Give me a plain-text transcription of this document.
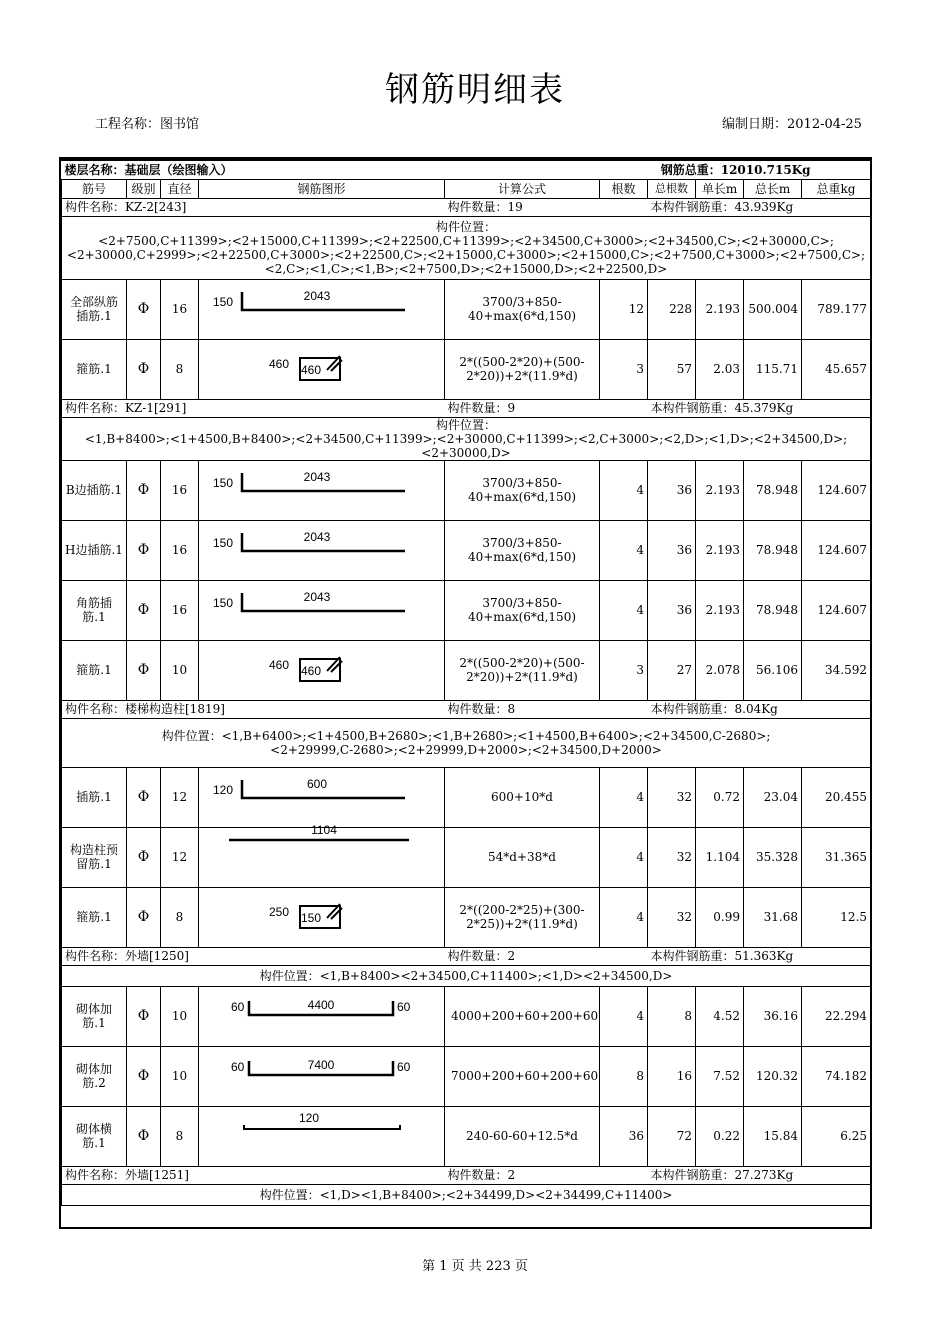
钢筋明细表
工程名称：图书馆	编制日期：2012-04-25
楼层名称：基础层（绘图输入）								钢筋总重：12010.715Kg	

筋号	级别	直径	钢筋图形	计算公式	根数	总根数	单长m	总长m	总重kg
构件名称：KZ-2[243]				构件数量：19		本构件钢筋重：43.939Kg			
构件位置：
<2+7500,C+11399>;<2+15000,C+11399>;<2+22500,C+11399>;<2+34500,C+3000>;<2+34500,C>;<2+30000,C>;<2+30000,C+2999>;<2+22500,C+3000>;<2+22500,C>;<2+15000,C+3000>;<2+15000,C>;<2+7500,C+3000>;<2+7500,C>;<2,C>;<1,C>;<1,B>;<2+7500,D>;<2+15000,D>;<2+22500,D>									
全部纵筋插筋.1	Φ	16	150 2043	3700/3+850-40+max(6*d,150)	12	228	2.193	500.004	789.177
箍筋.1	Φ	8	460 460	2*((500-2*20)+(500-2*20))+2*(11.9*d)	3	57	2.03	115.71	45.657
构件名称：KZ-1[291]				构件数量：9		本构件钢筋重：45.379Kg			
构件位置：
<1,B+8400>;<1+4500,B+8400>;<2+34500,C+11399>;<2+30000,C+11399>;<2,C+3000>;<2,D>;<1,D>;<2+34500,D>;<2+30000,D>									
B边插筋.1	Φ	16	150 2043	3700/3+850-40+max(6*d,150)	4	36	2.193	78.948	124.607
H边插筋.1	Φ	16	150 2043	3700/3+850-40+max(6*d,150)	4	36	2.193	78.948	124.607
角筋插筋.1	Φ	16	150 2043	3700/3+850-40+max(6*d,150)	4	36	2.193	78.948	124.607
箍筋.1	Φ	10	460 460	2*((500-2*20)+(500-2*20))+2*(11.9*d)	3	27	2.078	56.106	34.592
构件名称：楼梯构造柱[1819]				构件数量：8		本构件钢筋重：8.04Kg			
构件位置：<1,B+6400>;<1+4500,B+2680>;<1,B+2680>;<1+4500,B+6400>;<2+34500,C-2680>;<2+29999,C-2680>;<2+29999,D+2000>;<2+34500,D+2000>									
插筋.1	Φ	12	120 600	600+10*d	4	32	0.72	23.04	20.455
构造柱预留筋.1	Φ	12	1104	54*d+38*d	4	32	1.104	35.328	31.365
箍筋.1	Φ	8	250 150	2*((200-2*25)+(300-2*25))+2*(11.9*d)	4	32	0.99	31.68	12.5
构件名称：外墙[1250]				构件数量：2		本构件钢筋重：51.363Kg			
构件位置：<1,B+8400><2+34500,C+11400>;<1,D><2+34500,D>									
砌体加筋.1	Φ	10	60 4400 60	4000+200+60+200+60	4	8	4.52	36.16	22.294
砌体加筋.2	Φ	10	60 7400 60	7000+200+60+200+60	8	16	7.52	120.32	74.182
砌体横筋.1	Φ	8	120	240-60-60+12.5*d	36	72	0.22	15.84	6.25
构件名称：外墙[1251]				构件数量：2		本构件钢筋重：27.273Kg			
构件位置：<1,D><1,B+8400>;<2+34499,D><2+34499,C+11400>									
第 1 页 共 223 页
